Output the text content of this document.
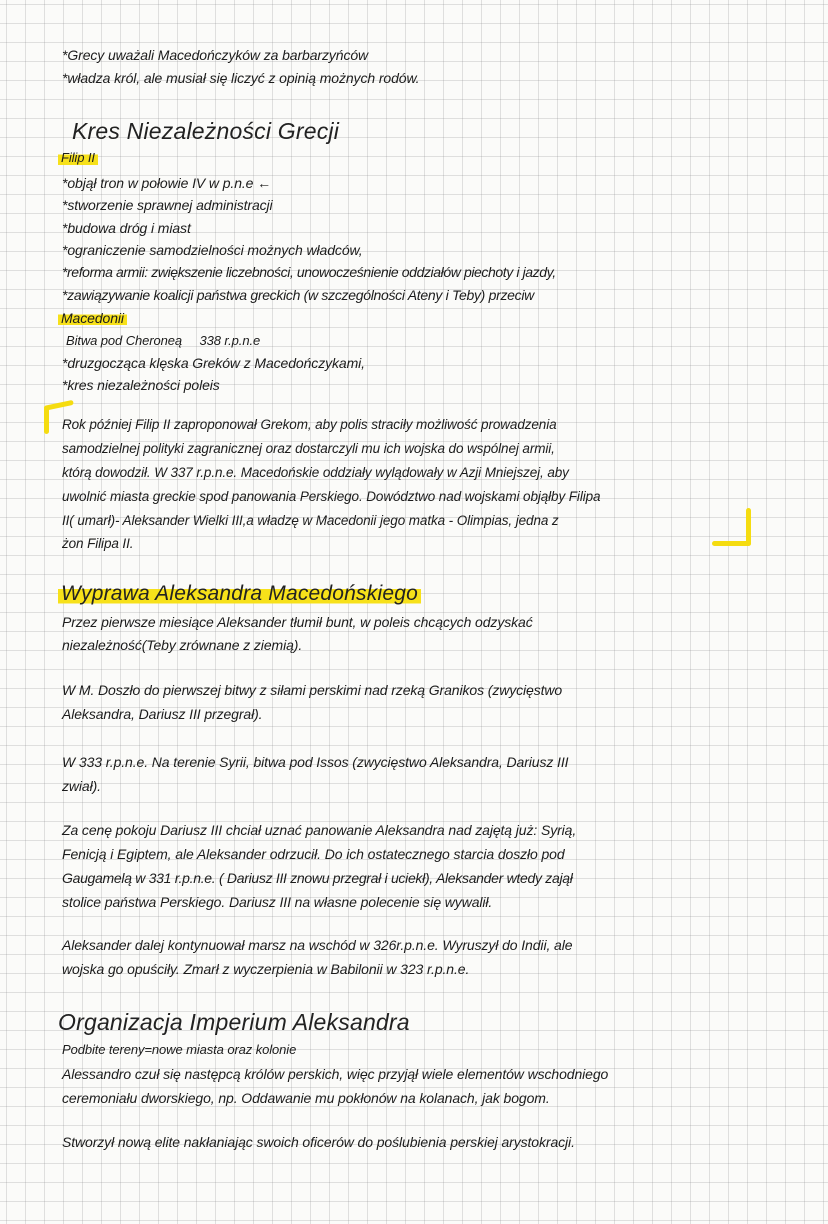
*Grecy uważali Macedończyków za barbarzyńców
*władza król, ale musiał się liczyć z opinią możnych rodów.
Kres Niezależności Grecji
Filip II
*objął tron w połowie IV w p.n.e ←
*stworzenie sprawnej administracji
*budowa dróg i miast
*ograniczenie samodzielności możnych władców,
*reforma armii: zwiększenie liczebności, unowocześnienie oddziałów piechoty i jazdy,
*zawiązywanie koalicji państwa greckich (w szczególności Ateny i Teby) przeciw
Macedonii
Bitwa pod Cheroneą 338 r.p.n.e
*druzgocząca klęska Greków z Macedończykami,
*kres niezależności poleis
Rok później Filip II zaproponował Grekom, aby polis straciły możliwość prowadzenia
samodzielnej polityki zagranicznej oraz dostarczyli mu ich wojska do wspólnej armii,
którą dowodził. W 337 r.p.n.e. Macedońskie oddziały wylądowały w Azji Mniejszej, aby
uwolnić miasta greckie spod panowania Perskiego. Dowództwo nad wojskami objąłby Filipa
II( umarł)- Aleksander Wielki III,a władzę w Macedonii jego matka - Olimpias, jedna z
żon Filipa II.
Wyprawa Aleksandra Macedońskiego
Przez pierwsze miesiące Aleksander tłumił bunt, w poleis chcących odzyskać
niezależność(Teby zrównane z ziemią).
W M. Doszło do pierwszej bitwy z siłami perskimi nad rzeką Granikos (zwycięstwo
Aleksandra, Dariusz III przegrał).
W 333 r.p.n.e. Na terenie Syrii, bitwa pod Issos (zwycięstwo Aleksandra, Dariusz III
zwiał).
Za cenę pokoju Dariusz III chciał uznać panowanie Aleksandra nad zajętą już: Syrią,
Fenicją i Egiptem, ale Aleksander odrzucił. Do ich ostatecznego starcia doszło pod
Gaugamelą w 331 r.p.n.e. ( Dariusz III znowu przegrał i uciekł), Aleksander wtedy zajął
stolice państwa Perskiego. Dariusz III na własne polecenie się wywalił.
Aleksander dalej kontynuował marsz na wschód w 326r.p.n.e. Wyruszył do Indii, ale
wojska go opuściły. Zmarł z wyczerpienia w Babilonii w 323 r.p.n.e.
Organizacja Imperium Aleksandra
Podbite tereny=nowe miasta oraz kolonie
Alessandro czuł się następcą królów perskich, więc przyjął wiele elementów wschodniego
ceremoniału dworskiego, np. Oddawanie mu pokłonów na kolanach, jak bogom.
Stworzył nową elite nakłaniając swoich oficerów do poślubienia perskiej arystokracji.
